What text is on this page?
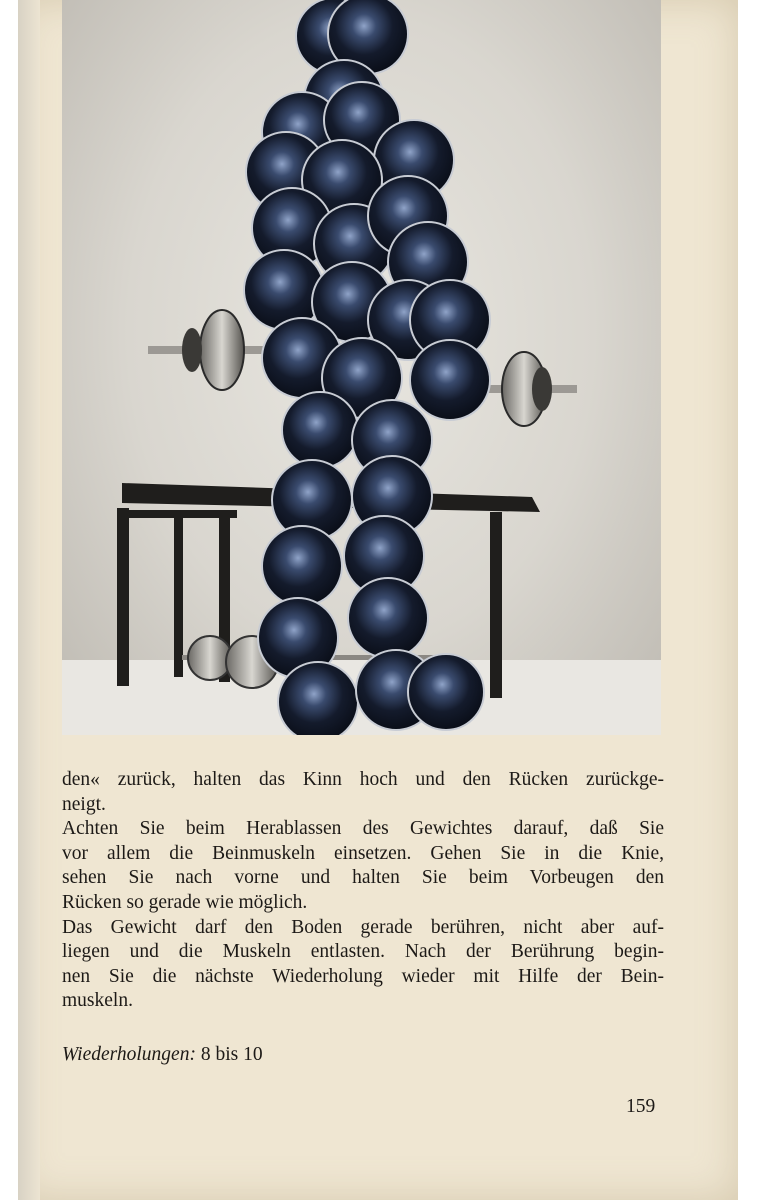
den« zurück, halten das Kinn hoch und den Rücken zurückge-
neigt.
Achten Sie beim Herablassen des Gewichtes darauf, daß Sie
vor allem die Beinmuskeln einsetzen. Gehen Sie in die Knie,
sehen Sie nach vorne und halten Sie beim Vorbeugen den
Rücken so gerade wie möglich.
Das Gewicht darf den Boden gerade berühren, nicht aber auf-
liegen und die Muskeln entlasten. Nach der Berührung begin-
nen Sie die nächste Wiederholung wieder mit Hilfe der Bein-
muskeln.
Wiederholungen: 8 bis 10
159
